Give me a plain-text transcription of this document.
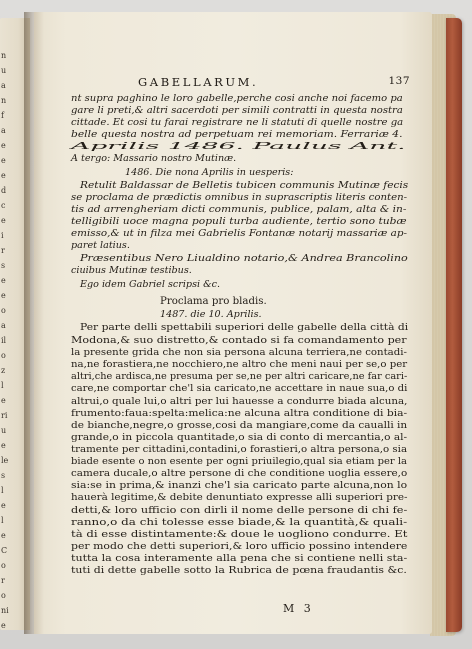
n
u
a
n
f
a
e
e
e
d
c
e
i
r
s
e
e
o
a
il
o
z
l
e
ri
u
e
le
s
l
e
l
e
C
o
r
o
ni
e
GABELLARUM.	137
nt supra paghino le loro gabelle,perche cosi anche noi facemo pa
gare li preti,& altri sacerdoti per simili contratti in questa nostra
cittade. Et cosi tu farai registrare ne li statuti di quelle nostre ga
belle questa nostra ad perpetuam rei memoriam. Ferrariæ 4.
Aprilis 1486. Paulus Ant.
A tergo: Massario nostro Mutinæ.
1486. Die nona Aprilis in uesperis:
Retulit Baldassar de Belletis tubicen communis Mutinæ fecis
se proclama de prædictis omnibus in suprascriptis literis conten-
tis ad arrengheriam dicti communis, publice, palam, alta & in-
telligibili uoce magna populi turba audiente, tertio sono tubæ
emisso,& ut in filza mei Gabrielis Fontanæ notarij massariæ ap-
paret latius.
Præsentibus Nero Liualdino notario,& Andrea Brancolino
ciuibus Mutinæ testibus.
Ego idem Gabriel scripsi &c.
Proclama pro bladis.
1487. die 10. Aprilis.
Per parte delli spettabili superiori delle gabelle della città di
Modona,& suo distretto,& contado si fa comandamento per
la presente grida che non sia persona alcuna terriera,ne contadi-
na,ne forastiera,ne nocchiero,ne altro che meni naui per se,o per
altri,che ardisca,ne presuma per se,ne per altri caricare,ne far cari-
care,ne comportar che'l sia caricato,ne accettare in naue sua,o di
altrui,o quale lui,o altri per lui hauesse a condurre biada alcuna,
frumento:faua:spelta:melica:ne alcuna altra conditione di bia-
de bianche,negre,o grosse,cosi da mangiare,come da caualli in
grande,o in piccola quantitade,o sia di conto di mercantia,o al-
tramente per cittadini,contadini,o forastieri,o altra persona,o sia
biade esente o non esente per ogni priuilegio,qual sia etiam per la
camera ducale,o altre persone di che conditione uoglia essere,o
sia:se in prima,& inanzi che'l sia caricato parte alcuna,non lo
hauerà legitime,& debite denuntiato expresse alli superiori pre-
detti,& loro ufficio con dirli il nome delle persone di chi fe-
ranno,o da chi tolesse esse biade,& la quantità,& quali-
tà di esse distintamente:& doue le uogliono condurre. Et
per modo che detti superiori,& loro ufficio possino intendere
tutta la cosa interamente alla pena che si contiene nelli sta-
tuti di dette gabelle sotto la Rubrica de pœna fraudantis &c.
M 3
